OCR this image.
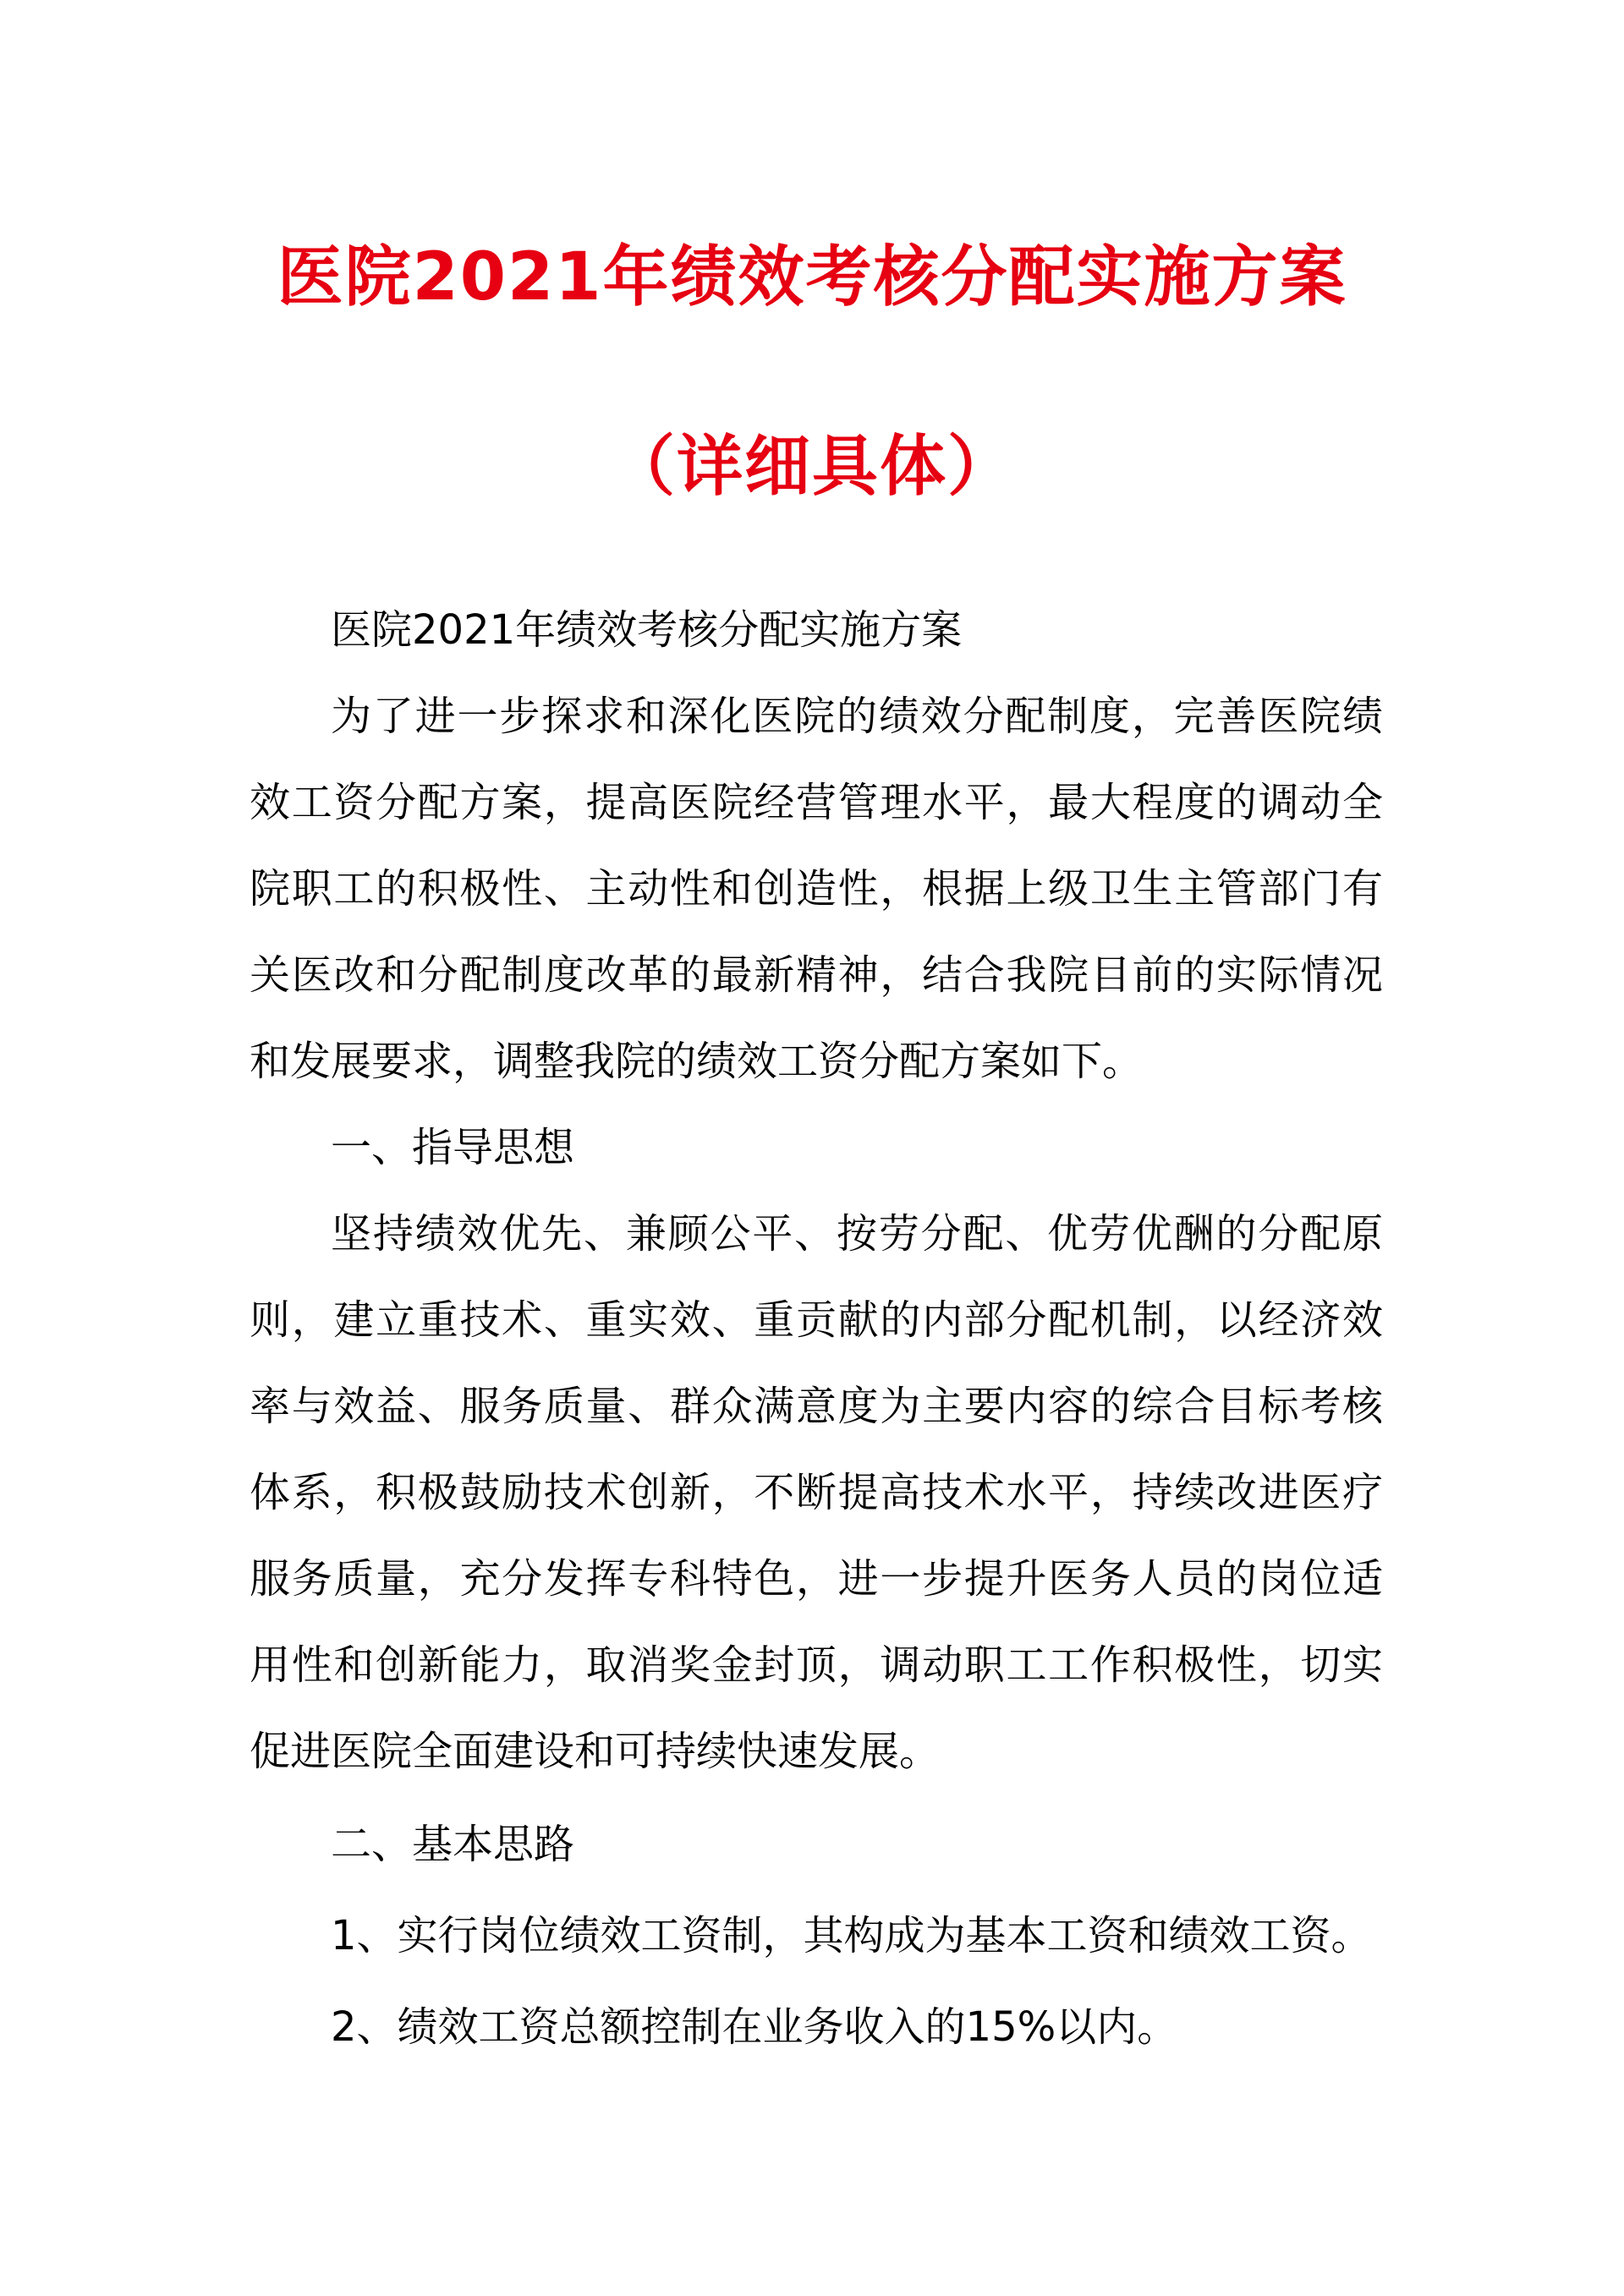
医院2021年绩效考核分配实施方案
（详细具体）

医院2021年绩效考核分配实施方案

为了进一步探求和深化医院的绩效分配制度，完善医院绩效工资分配方案，提高医院经营管理水平，最大程度的调动全院职工的积极性、主动性和创造性，根据上级卫生主管部门有关医改和分配制度改革的最新精神，结合我院目前的实际情况和发展要求，调整我院的绩效工资分配方案如下。

一、指导思想

坚持绩效优先、兼顾公平、按劳分配、优劳优酬的分配原则，建立重技术、重实效、重贡献的内部分配机制，以经济效率与效益、服务质量、群众满意度为主要内容的综合目标考核体系，积极鼓励技术创新，不断提高技术水平，持续改进医疗服务质量，充分发挥专科特色，进一步提升医务人员的岗位适用性和创新能力，取消奖金封顶，调动职工工作积极性，切实促进医院全面建设和可持续快速发展。

二、基本思路

1、实行岗位绩效工资制，其构成为基本工资和绩效工资。

2、绩效工资总额控制在业务收入的15%以内。
